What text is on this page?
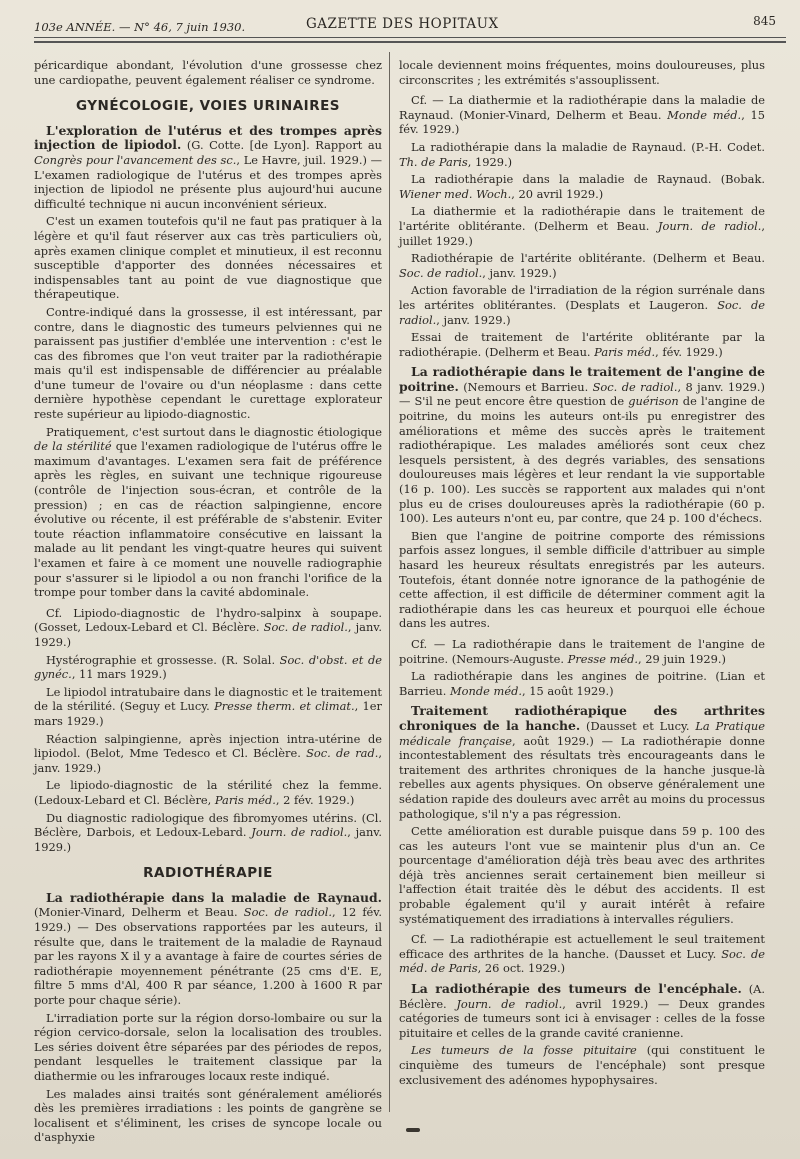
103e ANNÉE. — N° 46, 7 juin 1930.	GAZETTE DES HOPITAUX	845

péricardique abondant, l'évolution d'une grossesse chez une cardiopathe, peuvent également réaliser ce syndrome.

GYNÉCOLOGIE, VOIES URINAIRES

L'exploration de l'utérus et des trompes après injection de lipiodol. (G. Cotte. [de Lyon]. Rapport au Congrès pour l'avancement des sc., Le Havre, juil. 1929.) — L'examen radiologique de l'utérus et des trompes après injection de lipiodol ne présente plus aujourd'hui aucune difficulté technique ni aucun inconvénient sérieux.

C'est un examen toutefois qu'il ne faut pas pratiquer à la légère et qu'il faut réserver aux cas très particuliers où, après examen clinique complet et minutieux, il est reconnu susceptible d'apporter des données nécessaires et indispensables tant au point de vue diagnostique que thérapeutique.

Contre-indiqué dans la grossesse, il est intéressant, par contre, dans le diagnostic des tumeurs pelviennes qui ne paraissent pas justifier d'emblée une intervention : c'est le cas des fibromes que l'on veut traiter par la radiothérapie mais qu'il est indispensable de différencier au préalable d'une tumeur de l'ovaire ou d'un néoplasme : dans cette dernière hypothèse cependant le curettage explorateur reste supérieur au lipiodo-diagnostic.

Pratiquement, c'est surtout dans le diagnostic étiologique de la stérilité que l'examen radiologique de l'utérus offre le maximum d'avantages. L'examen sera fait de préférence après les règles, en suivant une technique rigoureuse (contrôle de l'injection sous-écran, et contrôle de la pression) ; en cas de réaction salpingienne, encore évolutive ou récente, il est préférable de s'abstenir. Eviter toute réaction inflammatoire consécutive en laissant la malade au lit pendant les vingt-quatre heures qui suivent l'examen et faire à ce moment une nouvelle radiographie pour s'assurer si le lipiodol a ou non franchi l'orifice de la trompe pour tomber dans la cavité abdominale.

Cf. Lipiodo-diagnostic de l'hydro-salpinx à soupape. (Gosset, Ledoux-Lebard et Cl. Béclère. Soc. de radiol., janv. 1929.)

Hystérographie et grossesse. (R. Solal. Soc. d'obst. et de gynéc., 11 mars 1929.)

Le lipiodol intratubaire dans le diagnostic et le traitement de la stérilité. (Seguy et Lucy. Presse therm. et climat., 1er mars 1929.)

Réaction salpingienne, après injection intra-utérine de lipiodol. (Belot, Mme Tedesco et Cl. Béclère. Soc. de rad., janv. 1929.)

Le lipiodo-diagnostic de la stérilité chez la femme. (Ledoux-Lebard et Cl. Béclère, Paris méd., 2 fév. 1929.)

Du diagnostic radiologique des fibromyomes utérins. (Cl. Béclère, Darbois, et Ledoux-Lebard. Journ. de radiol., janv. 1929.)

RADIOTHÉRAPIE

La radiothérapie dans la maladie de Raynaud. (Monier-Vinard, Delherm et Beau. Soc. de radiol., 12 fév. 1929.) — Des observations rapportées par les auteurs, il résulte que, dans le traitement de la maladie de Raynaud par les rayons X il y a avantage à faire de courtes séries de radiothérapie moyennement pénétrante (25 cms d'E. E, filtre 5 mms d'Al, 400 R par séance, 1.200 à 1600 R par porte pour chaque série).

L'irradiation porte sur la région dorso-lombaire ou sur la région cervico-dorsale, selon la localisation des troubles. Les séries doivent être séparées par des périodes de repos, pendant lesquelles le traitement classique par la diathermie ou les infrarouges locaux reste indiqué.

Les malades ainsi traités sont généralement améliorés dès les premières irradiations : les points de gangrène se localisent et s'éliminent, les crises de syncope locale ou d'asphyxie

locale deviennent moins fréquentes, moins douloureuses, plus circonscrites ; les extrémités s'assouplissent.

Cf. — La diathermie et la radiothérapie dans la maladie de Raynaud. (Monier-Vinard, Delherm et Beau. Monde méd., 15 fév. 1929.)

La radiothérapie dans la maladie de Raynaud. (P.-H. Codet. Th. de Paris, 1929.)

La radiothérapie dans la maladie de Raynaud. (Bobak. Wiener med. Woch., 20 avril 1929.)

La diathermie et la radiothérapie dans le traitement de l'artérite oblitérante. (Delherm et Beau. Journ. de radiol., juillet 1929.)

Radiothérapie de l'artérite oblitérante. (Delherm et Beau. Soc. de radiol., janv. 1929.)

Action favorable de l'irradiation de la région surrénale dans les artérites oblitérantes. (Desplats et Laugeron. Soc. de radiol., janv. 1929.)

Essai de traitement de l'artérite oblitérante par la radiothérapie. (Delherm et Beau. Paris méd., fév. 1929.)

La radiothérapie dans le traitement de l'angine de poitrine. (Nemours et Barrieu. Soc. de radiol., 8 janv. 1929.) — S'il ne peut encore être question de guérison de l'angine de poitrine, du moins les auteurs ont-ils pu enregistrer des améliorations et même des succès après le traitement radiothérapique. Les malades améliorés sont ceux chez lesquels persistent, à des degrés variables, des sensations douloureuses mais légères et leur rendant la vie supportable (16 p. 100). Les succès se rapportent aux malades qui n'ont plus eu de crises douloureuses après la radiothérapie (60 p. 100). Les auteurs n'ont eu, par contre, que 24 p. 100 d'échecs.

Bien que l'angine de poitrine comporte des rémissions parfois assez longues, il semble difficile d'attribuer au simple hasard les heureux résultats enregistrés par les auteurs. Toutefois, étant donnée notre ignorance de la pathogénie de cette affection, il est difficile de déterminer comment agit la radiothérapie dans les cas heureux et pourquoi elle échoue dans les autres.

Cf. — La radiothérapie dans le traitement de l'angine de poitrine. (Nemours-Auguste. Presse méd., 29 juin 1929.)

La radiothérapie dans les angines de poitrine. (Lian et Barrieu. Monde méd., 15 août 1929.)

Traitement radiothérapique des arthrites chroniques de la hanche. (Dausset et Lucy. La Pratique médicale française, août 1929.) — La radiothérapie donne incontestablement des résultats très encourageants dans le traitement des arthrites chroniques de la hanche jusque-là rebelles aux agents physiques. On observe généralement une sédation rapide des douleurs avec arrêt au moins du processus pathologique, s'il n'y a pas régression.

Cette amélioration est durable puisque dans 59 p. 100 des cas les auteurs l'ont vue se maintenir plus d'un an. Ce pourcentage d'amélioration déjà très beau avec des arthrites déjà très anciennes serait certainement bien meilleur si l'affection était traitée dès le début des accidents. Il est probable également qu'il y aurait intérêt à refaire systématiquement des irradiations à intervalles réguliers.

Cf. — La radiothérapie est actuellement le seul traitement efficace des arthrites de la hanche. (Dausset et Lucy. Soc. de méd. de Paris, 26 oct. 1929.)

La radiothérapie des tumeurs de l'encéphale. (A. Béclère. Journ. de radiol., avril 1929.) — Deux grandes catégories de tumeurs sont ici à envisager : celles de la fosse pituitaire et celles de la grande cavité cranienne.

Les tumeurs de la fosse pituitaire (qui constituent le cinquième des tumeurs de l'encéphale) sont presque exclusivement des adénomes hypophysaires.
